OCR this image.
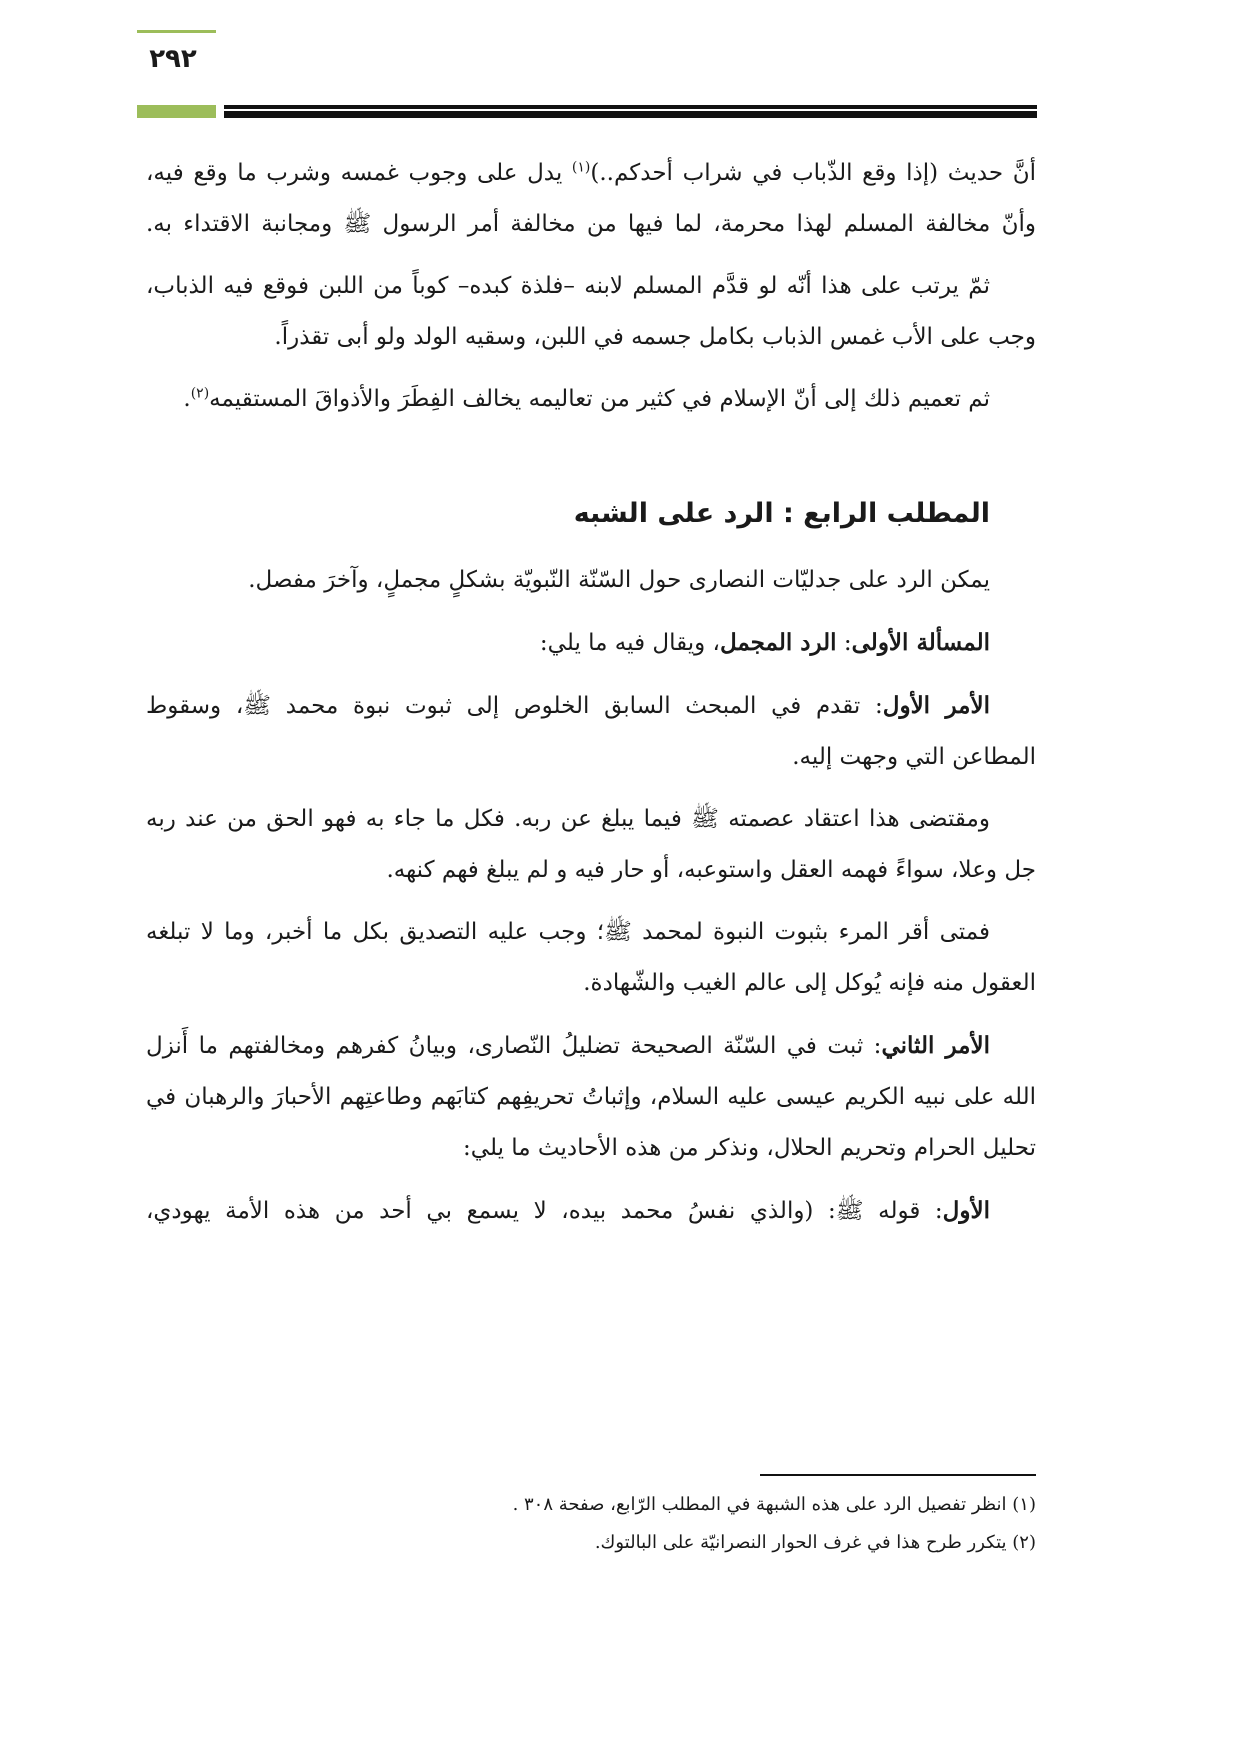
٢٩٢

أنَّ حديث (إذا وقع الذّباب في شراب أحدكم..)$^{(١)}$ يدل على وجوب غمسه وشرب ما وقع فيه، وأنّ مخالفة المسلم لهذا محرمة، لما فيها من مخالفة أمر الرسول ﷺ ومجانبة الاقتداء به.

ثمّ يرتب على هذا أنّه لو قدَّم المسلم لابنه –فلذة كبده– كوباً من اللبن فوقع فيه الذباب، وجب على الأب غمس الذباب بكامل جسمه في اللبن، وسقيه الولد ولو أبى تقذراً.

ثم تعميم ذلك إلى أنّ الإسلام في كثير من تعاليمه يخالف الفِطَرَ والأذواقَ المستقيمه$^{(٢)}$.

المطلب الرابع : الرد على الشبه

يمكن الرد على جدليّات النصارى حول السّنّة النّبويّة بشكلٍ مجملٍ، وآخرَ مفصل.

المسألة الأولى: الرد المجمل، ويقال فيه ما يلي:

الأمر الأول: تقدم في المبحث السابق الخلوص إلى ثبوت نبوة محمد ﷺ، وسقوط المطاعن التي وجهت إليه.

ومقتضى هذا اعتقاد عصمته ﷺ فيما يبلغ عن ربه. فكل ما جاء به فهو الحق من عند ربه جل وعلا، سواءً فهمه العقل واستوعبه، أو حار فيه و لم يبلغ فهم كنهه.

فمتى أقر المرء بثبوت النبوة لمحمد ﷺ؛ وجب عليه التصديق بكل ما أخبر، وما لا تبلغه العقول منه فإنه يُوكل إلى عالم الغيب والشّهادة.

الأمر الثاني: ثبت في السّنّة الصحيحة تضليلُ النّصارى، وبيانُ كفرهم ومخالفتهم ما أَنزل الله على نبيه الكريم عيسى عليه السلام، وإثباتُ تحريفِهم كتابَهم وطاعتِهم الأحبارَ والرهبان في تحليل الحرام وتحريم الحلال، ونذكر من هذه الأحاديث ما يلي:

الأول: قوله ﷺ: (والذي نفسُ محمد بيده، لا يسمع بي أحد من هذه الأمة يهودي،

(١) انظر تفصيل الرد على هذه الشبهة في المطلب الرّابع، صفحة ٣٠٨ .
(٢) يتكرر طرح هذا في غرف الحوار النصرانيّة على البالتوك.
